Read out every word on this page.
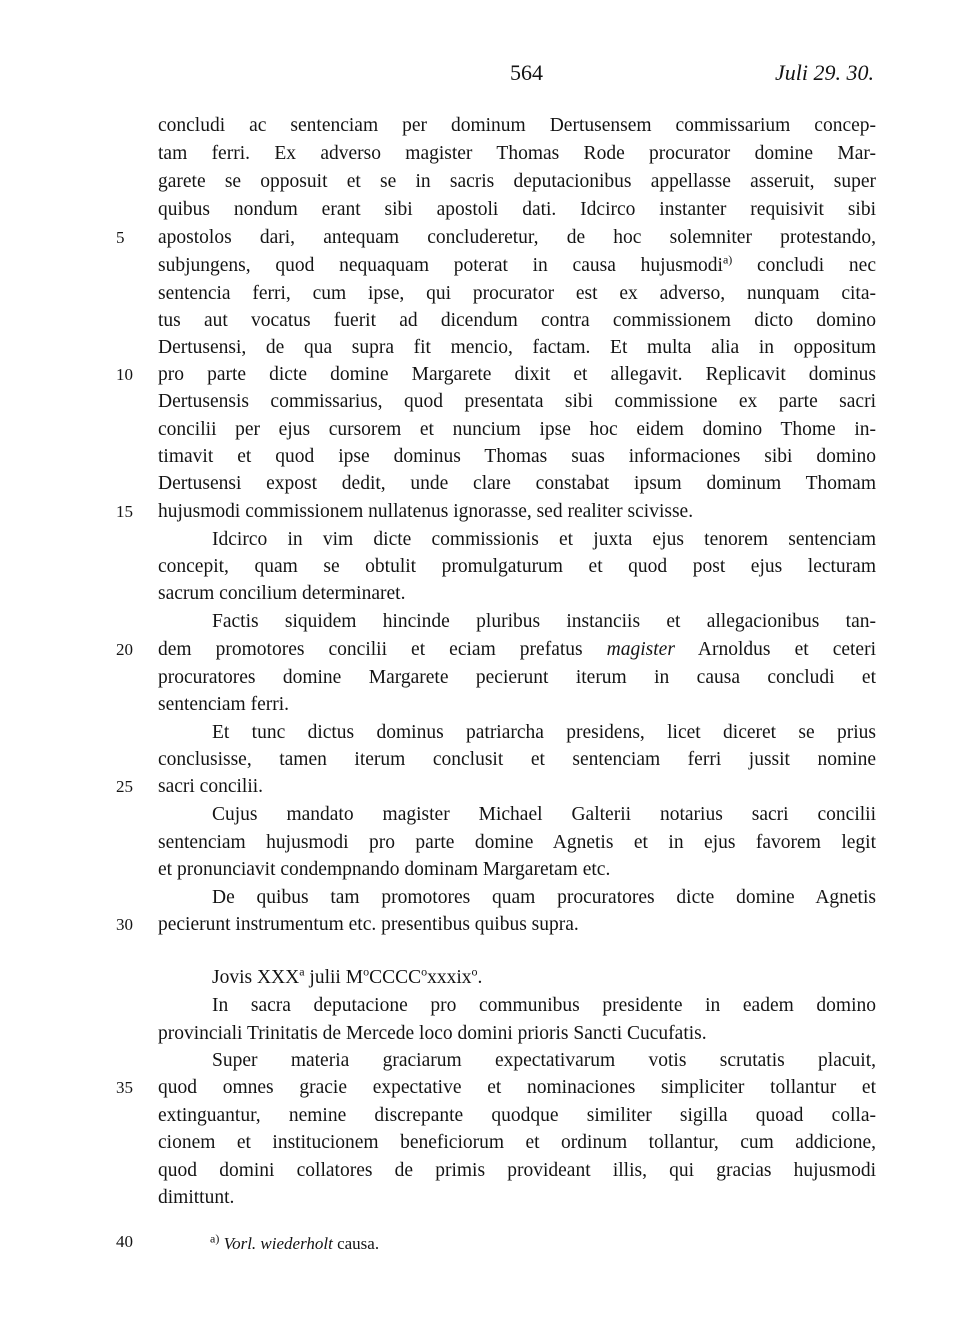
564	Juli 29. 30.
concludi ac sentenciam per dominum Dertusensem commissarium concep-
tam ferri. Ex adverso magister Thomas Rode procurator domine Mar-
garete se opposuit et se in sacris deputacionibus appellasse asseruit, super
quibus nondum erant sibi apostoli dati. Idcirco instanter requisivit sibi
apostolos dari, antequam concluderetur, de hoc solemniter protestando,
subjungens, quod nequaquam poterat in causa hujusmodi$^{a)}$ concludi nec
sentencia ferri, cum ipse, qui procurator est ex adverso, nunquam cita-
tus aut vocatus fuerit ad dicendum contra commissionem dicto domino
Dertusensi, de qua supra fit mencio, factam. Et multa alia in oppositum
pro parte dicte domine Margarete dixit et allegavit. Replicavit dominus
Dertusensis commissarius, quod presentata sibi commissione ex parte sacri
concilii per ejus cursorem et nuncium ipse hoc eidem domino Thome in-
timavit et quod ipse dominus Thomas suas informaciones sibi domino
Dertusensi expost dedit, unde clare constabat ipsum dominum Thomam
hujusmodi commissionem nullatenus ignorasse, sed realiter scivisse.
Idcirco in vim dicte commissionis et juxta ejus tenorem sentenciam
concepit, quam se obtulit promulgaturum et quod post ejus lecturam
sacrum concilium determinaret.
Factis siquidem hincinde pluribus instanciis et allegacionibus tan-
dem promotores concilii et eciam prefatus magister Arnoldus et ceteri
procuratores domine Margarete pecierunt iterum in causa concludi et
sentenciam ferri.
Et tunc dictus dominus patriarcha presidens, licet diceret se prius
conclusisse, tamen iterum conclusit et sentenciam ferri jussit nomine
sacri concilii.
Cujus mandato magister Michael Galterii notarius sacri concilii
sentenciam hujusmodi pro parte domine Agnetis et in ejus favorem legit
et pronunciavit condempnando dominam Margaretam etc.
De quibus tam promotores quam procuratores dicte domine Agnetis
pecierunt instrumentum etc. presentibus quibus supra.
Jovis XXX$^a$ julii $M^oCCCC^oxxxix^o$.
In sacra deputacione pro communibus presidente in eadem domino
provinciali Trinitatis de Mercede loco domini prioris Sancti Cucufatis.
Super materia graciarum expectativarum votis scrutatis placuit,
quod omnes gracie expectative et nominaciones simpliciter tollantur et
extinguantur, nemine discrepante quodque similiter sigilla quoad colla-
cionem et institucionem beneficiorum et ordinum tollantur, cum addicione,
quod domini collatores de primis provideant illis, qui gracias hujusmodi
dimittunt.
5
10
15
20
25
30
35
40	$^{a)}$ Vorl. wiederholt causa.
